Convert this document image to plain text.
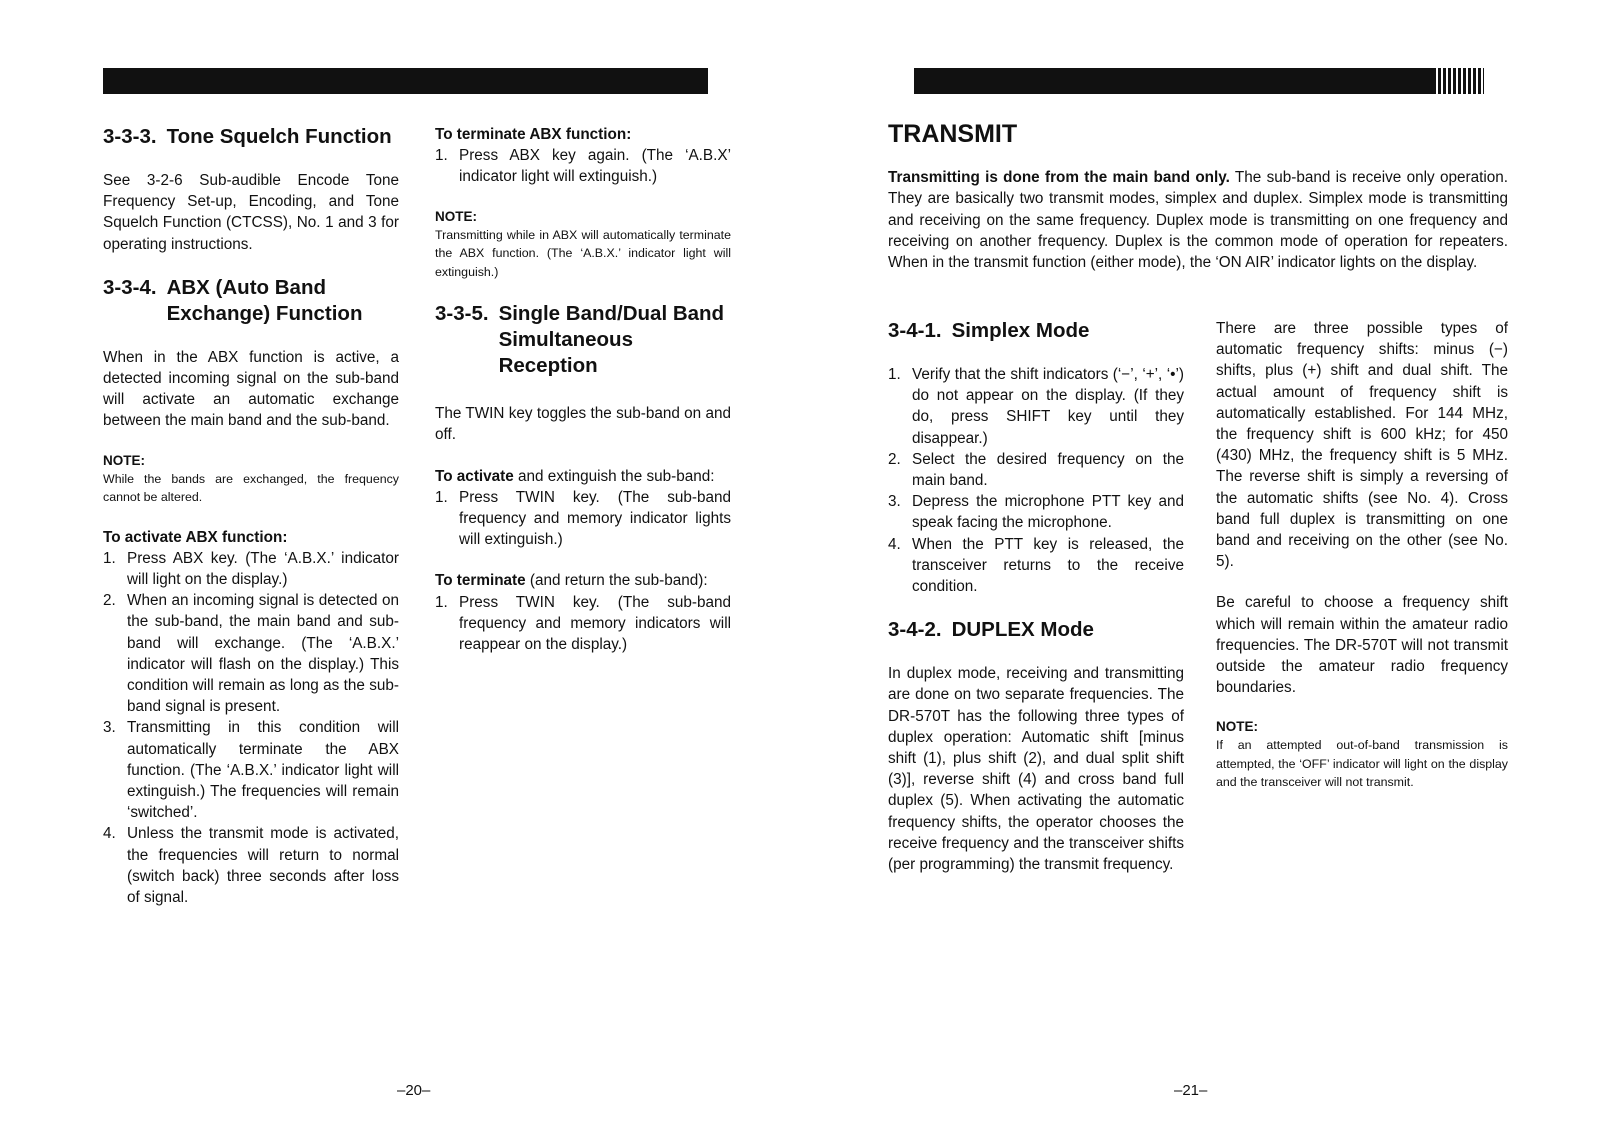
3-3-3. Tone Squelch Function

See 3-2-6 Sub-audible Encode Tone Frequency Set-up, Encoding, and Tone Squelch Function (CTCSS), No. 1 and 3 for operating instructions.

3-3-4. ABX (Auto Band Exchange) Function

When in the ABX function is active, a detected incoming signal on the sub-band will activate an automatic exchange between the main band and the sub-band.

NOTE:
While the bands are exchanged, the frequency cannot be altered.
To activate ABX function:
1. Press ABX key. (The ‘A.B.X.’ indicator will light on the display.)
2. When an incoming signal is detected on the sub-band, the main band and sub-band will exchange. (The ‘A.B.X.’ indicator will flash on the display.) This condition will remain as long as the sub-band signal is present.
3. Transmitting in this condition will automatically terminate the ABX function. (The ‘A.B.X.’ indicator light will extinguish.) The frequencies will remain ‘switched’.
4. Unless the transmit mode is activated, the frequencies will return to normal (switch back) three seconds after loss of signal.
To terminate ABX function:
1. Press ABX key again. (The ‘A.B.X’ indicator light will extinguish.)
NOTE:
Transmitting while in ABX will automatically terminate the ABX function. (The ‘A.B.X.’ indicator light will extinguish.)
3-3-5. Single Band/Dual Band Simultaneous Reception

The TWIN key toggles the sub-band on and off.

To activate and extinguish the sub-band:

1. Press TWIN key. (The sub-band frequency and memory indicator lights will extinguish.)

To terminate (and return the sub-band):

1. Press TWIN key. (The sub-band frequency and memory indicators will reappear on the display.)
TRANSMIT

Transmitting is done from the main band only. The sub-band is receive only operation. They are basically two transmit modes, simplex and duplex. Simplex mode is transmitting and receiving on the same frequency. Duplex mode is transmitting on one frequency and receiving on another frequency. Duplex is the common mode of operation for repeaters. When in the transmit function (either mode), the ‘ON AIR’ indicator lights on the display.

3-4-1. Simplex Mode
1. Verify that the shift indicators (‘−’, ‘+’, ‘•’) do not appear on the display. (If they do, press SHIFT key until they disappear.)
2. Select the desired frequency on the main band.
3. Depress the microphone PTT key and speak facing the microphone.
4. When the PTT key is released, the transceiver returns to the receive condition.
3-4-2. DUPLEX Mode

In duplex mode, receiving and transmitting are done on two separate frequencies. The DR-570T has the following three types of duplex operation: Automatic shift [minus shift (1), plus shift (2), and dual split shift (3)], reverse shift (4) and cross band full duplex (5). When activating the automatic frequency shifts, the operator chooses the receive frequency and the transceiver shifts (per programming) the transmit frequency.

There are three possible types of automatic frequency shifts: minus (−) shifts, plus (+) shift and dual shift. The actual amount of frequency shift is automatically established. For 144 MHz, the frequency shift is 600 kHz; for 450 (430) MHz, the frequency shift is 5 MHz. The reverse shift is simply a reversing of the automatic shifts (see No. 4). Cross band full duplex is transmitting on one band and receiving on the other (see No. 5).

Be careful to choose a frequency shift which will remain within the amateur radio frequencies. The DR-570T will not transmit outside the amateur radio frequency boundaries.

NOTE:
If an attempted out-of-band transmission is attempted, the ‘OFF’ indicator will light on the display and the transceiver will not transmit.
–20–	–21–
